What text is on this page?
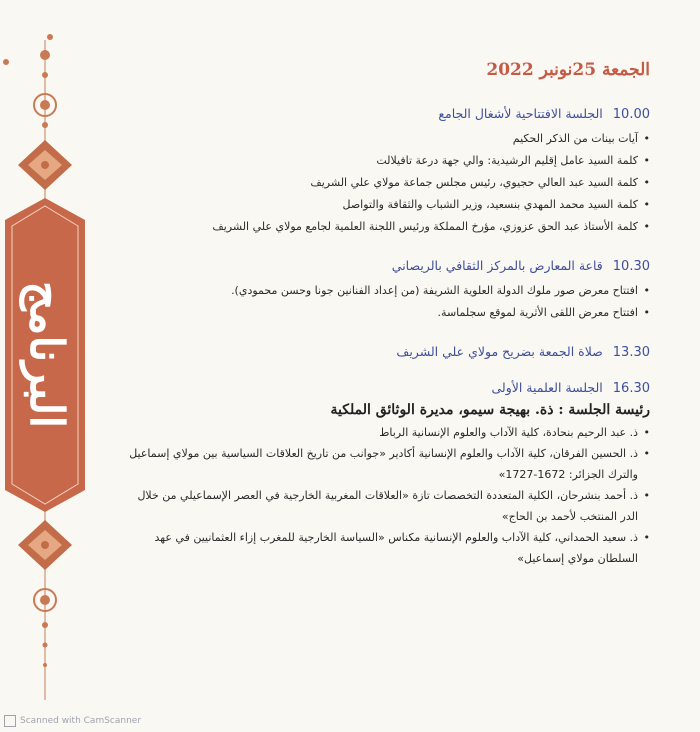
البرنامج
الجمعة 25نونبر 2022
10.00
الجلسة الافتتاحية لأشغال الجامع
• آيات بينات من الذكر الحكيم
• كلمة السيد عامل إقليم الرشيدية: والي جهة درعة تافيلالت
• كلمة السيد عبد العالي حجيوي، رئيس مجلس جماعة مولاي علي الشريف
• كلمة السيد محمد المهدي بنسعيد، وزير الشباب والثقافة والتواصل
• كلمة الأستاذ عبد الحق عزوزي، مؤرخ المملكة ورئيس اللجنة العلمية لجامع مولاي علي الشريف
10.30
قاعة المعارض بالمركز الثقافي بالريصاني
• افتتاح معرض صور ملوك الدولة العلوية الشريفة (من إعداد الفنانين جونا وحسن محمودي).
• افتتاح معرض اللقى الأثرية لموقع سجلماسة.
13.30
صلاة الجمعة بضريح مولاي علي الشريف
16.30
الجلسة العلمية الأولى
رئيسة الجلسة : ذة. بهيجة سيمو، مديرة الوثائق الملكية
• ذ. عبد الرحيم بنحادة، كلية الآداب والعلوم الإنسانية الرباط
• ذ. الحسين الفرقان، كلية الآداب والعلوم الإنسانية أكادير «جوانب من تاريخ العلاقات السياسية بين مولاي إسماعيل والترك الجزائر: 1672-1727»
• ذ. أحمد بنشرحان، الكلية المتعددة التخصصات تازة «العلاقات المغربية الخارجية في العصر الإسماعيلي من خلال الدر المنتخب لأحمد بن الحاج»
• ذ. سعيد الحمداني، كلية الآداب والعلوم الإنسانية مكناس «السياسة الخارجية للمغرب إزاء العثمانيين في عهد السلطان مولاي إسماعيل»
Scanned with CamScanner
